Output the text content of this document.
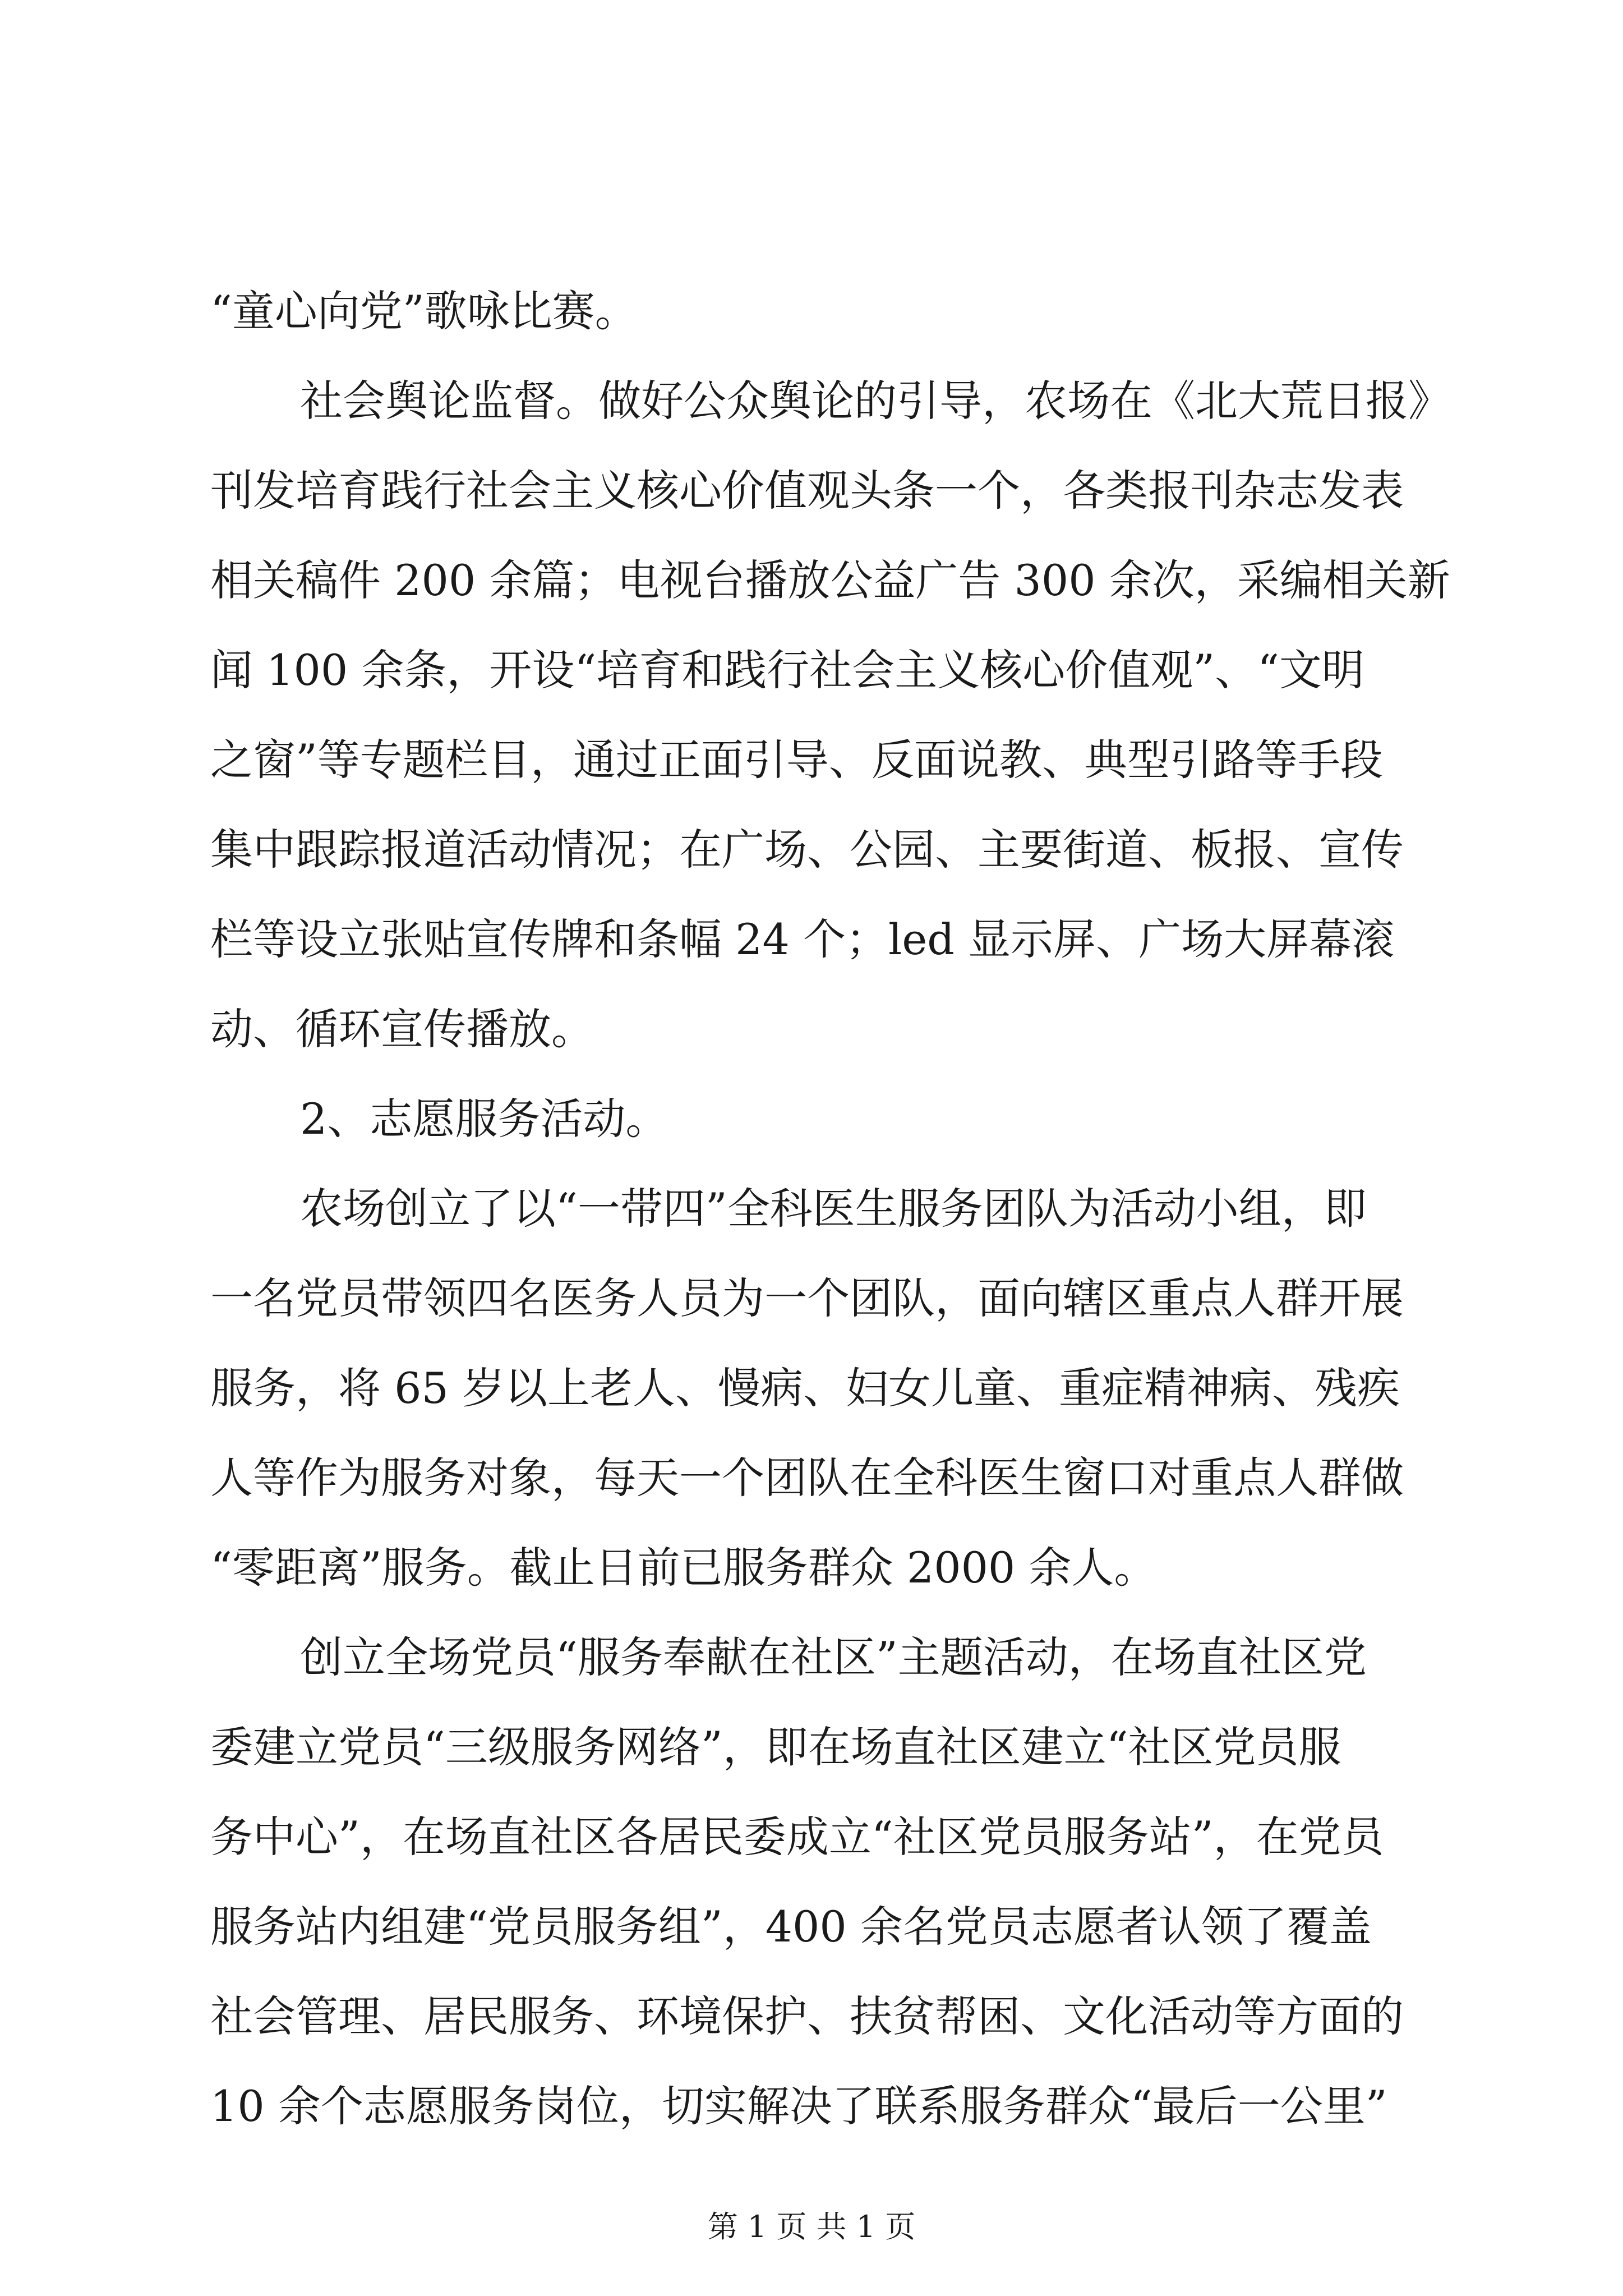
“童心向党”歌咏比赛。
社会舆论监督。做好公众舆论的引导，农场在《北大荒日报》
刊发培育践行社会主义核心价值观头条一个，各类报刊杂志发表
相关稿件 200 余篇；电视台播放公益广告 300 余次，采编相关新
闻 100 余条，开设“培育和践行社会主义核心价值观”、“文明
之窗”等专题栏目，通过正面引导、反面说教、典型引路等手段
集中跟踪报道活动情况；在广场、公园、主要街道、板报、宣传
栏等设立张贴宣传牌和条幅 24 个；led 显示屏、广场大屏幕滚
动、循环宣传播放。
2、志愿服务活动。
农场创立了以“一带四”全科医生服务团队为活动小组，即
一名党员带领四名医务人员为一个团队，面向辖区重点人群开展
服务，将 65 岁以上老人、慢病、妇女儿童、重症精神病、残疾
人等作为服务对象，每天一个团队在全科医生窗口对重点人群做
“零距离”服务。截止日前已服务群众 2000 余人。
创立全场党员“服务奉献在社区”主题活动，在场直社区党
委建立党员“三级服务网络”，即在场直社区建立“社区党员服
务中心”，在场直社区各居民委成立“社区党员服务站”，在党员
服务站内组建“党员服务组”，400 余名党员志愿者认领了覆盖
社会管理、居民服务、环境保护、扶贫帮困、文化活动等方面的
10 余个志愿服务岗位，切实解决了联系服务群众“最后一公里”
第 1 页 共 1 页
